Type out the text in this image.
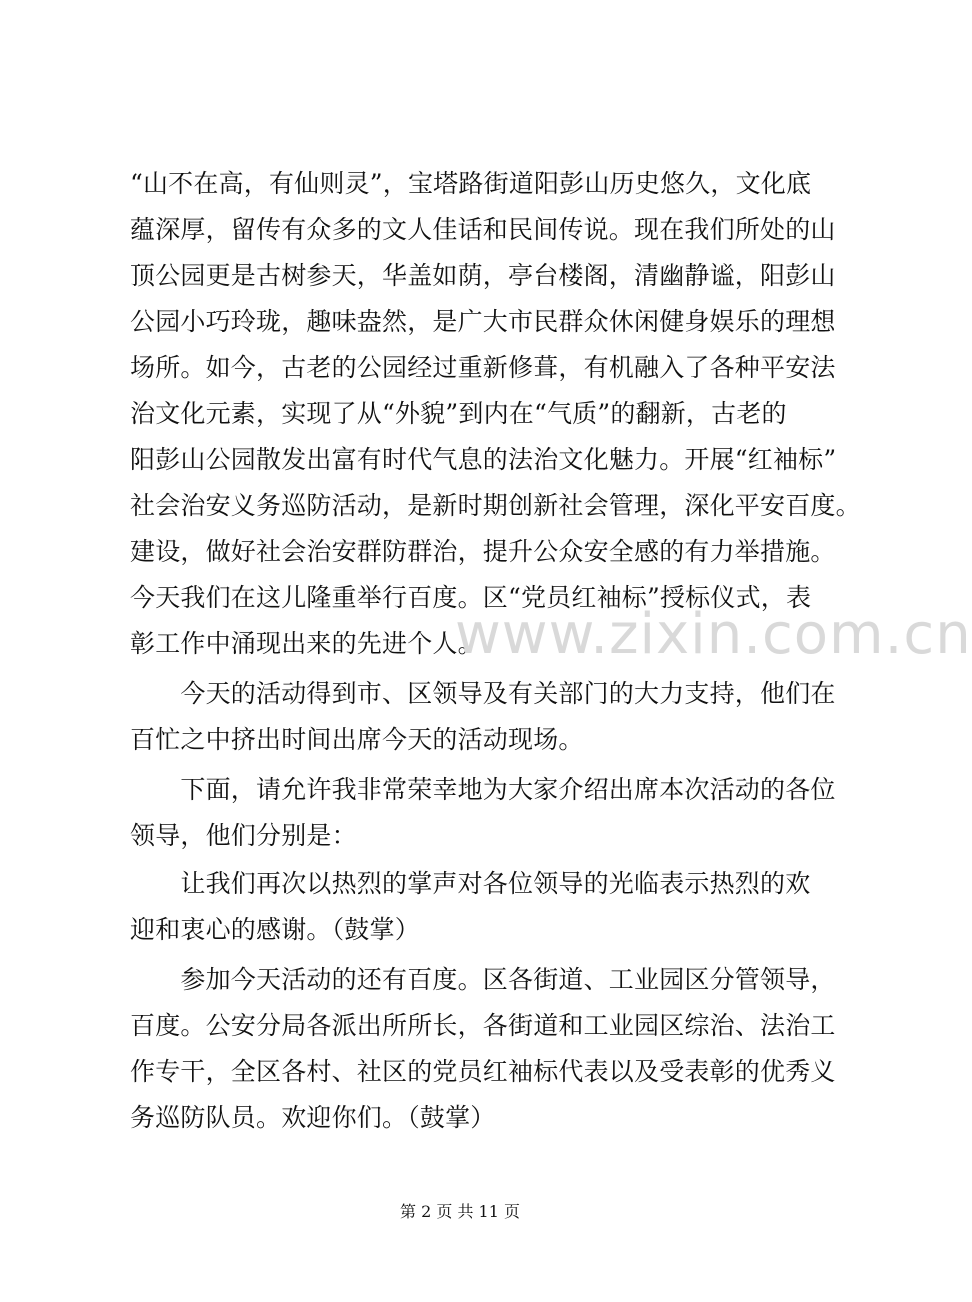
“山不在高，有仙则灵”，宝塔路街道阳彭山历史悠久，文化底
蕴深厚，留传有众多的文人佳话和民间传说。现在我们所处的山
顶公园更是古树参天，华盖如荫，亭台楼阁，清幽静谧，阳彭山
公园小巧玲珑，趣味盎然，是广大市民群众休闲健身娱乐的理想
场所。如今，古老的公园经过重新修葺，有机融入了各种平安法
治文化元素，实现了从“外貌”到内在“气质”的翻新，古老的
阳彭山公园散发出富有时代气息的法治文化魅力。开展“红袖标”
社会治安义务巡防活动，是新时期创新社会管理，深化平安百度。
建设，做好社会治安群防群治，提升公众安全感的有力举措施。
今天我们在这儿隆重举行百度。区“党员红袖标”授标仪式，表
彰工作中涌现出来的先进个人。
　　今天的活动得到市、区领导及有关部门的大力支持，他们在
百忙之中挤出时间出席今天的活动现场。
　　下面，请允许我非常荣幸地为大家介绍出席本次活动的各位
领导，他们分别是：
　　让我们再次以热烈的掌声对各位领导的光临表示热烈的欢
迎和衷心的感谢。（鼓掌）
　　参加今天活动的还有百度。区各街道、工业园区分管领导，
百度。公安分局各派出所所长，各街道和工业园区综治、法治工
作专干，全区各村、社区的党员红袖标代表以及受表彰的优秀义
务巡防队员。欢迎你们。（鼓掌）
www.zixin.com.cn
第 2 页 共 11 页
